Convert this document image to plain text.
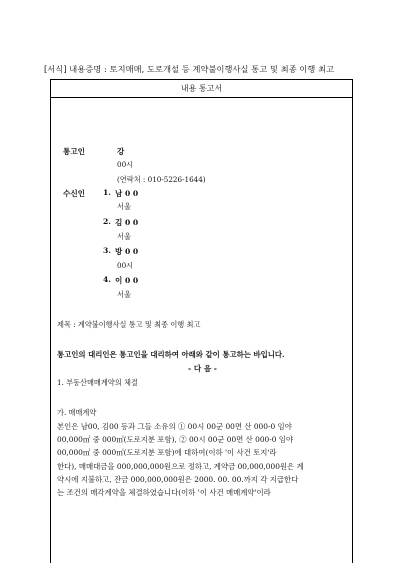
[서식] 내용증명 : 토지매매, 도로개설 등 계약불이행사실 통고 및 최종 이행 최고
내용 통고서
통고인	강
00시
(연락처 : 010-5226-1644)
수신인 1. 남 0 0
서울
2. 김 0 0
서울
3. 방 0 0
00시
4. 이 0 0
서울
제목 : 계약불이행사실 통고 및 최종 이행 최고
통고인의 대리인은 통고인을 대리하여 아래와 같이 통고하는 바입니다.
- 다 음 -
1. 부동산매매계약의 체결
가. 매매계약
본인은 남00, 김00 등과 그들 소유의 ① 00시 00군 00면 산 000-0 임야
00,000㎡ 중 000㎡(도로지분 포함), ② 00시 00군 00면 산 000-0 임야
00,000㎡ 중 000㎡(도로지분 포함)에 대하여(이하 '이 사건 토지'라
한다), 매매대금을 000,000,000원으로 정하고, 계약금 00,000,000원은 계
약시에 지불하고, 잔금 000,000,000원은 2000. 00. 00.까지 각 지급한다
는 조건의 매각계약을 체결하였습니다(이하 '이 사건 매매계약'이라
